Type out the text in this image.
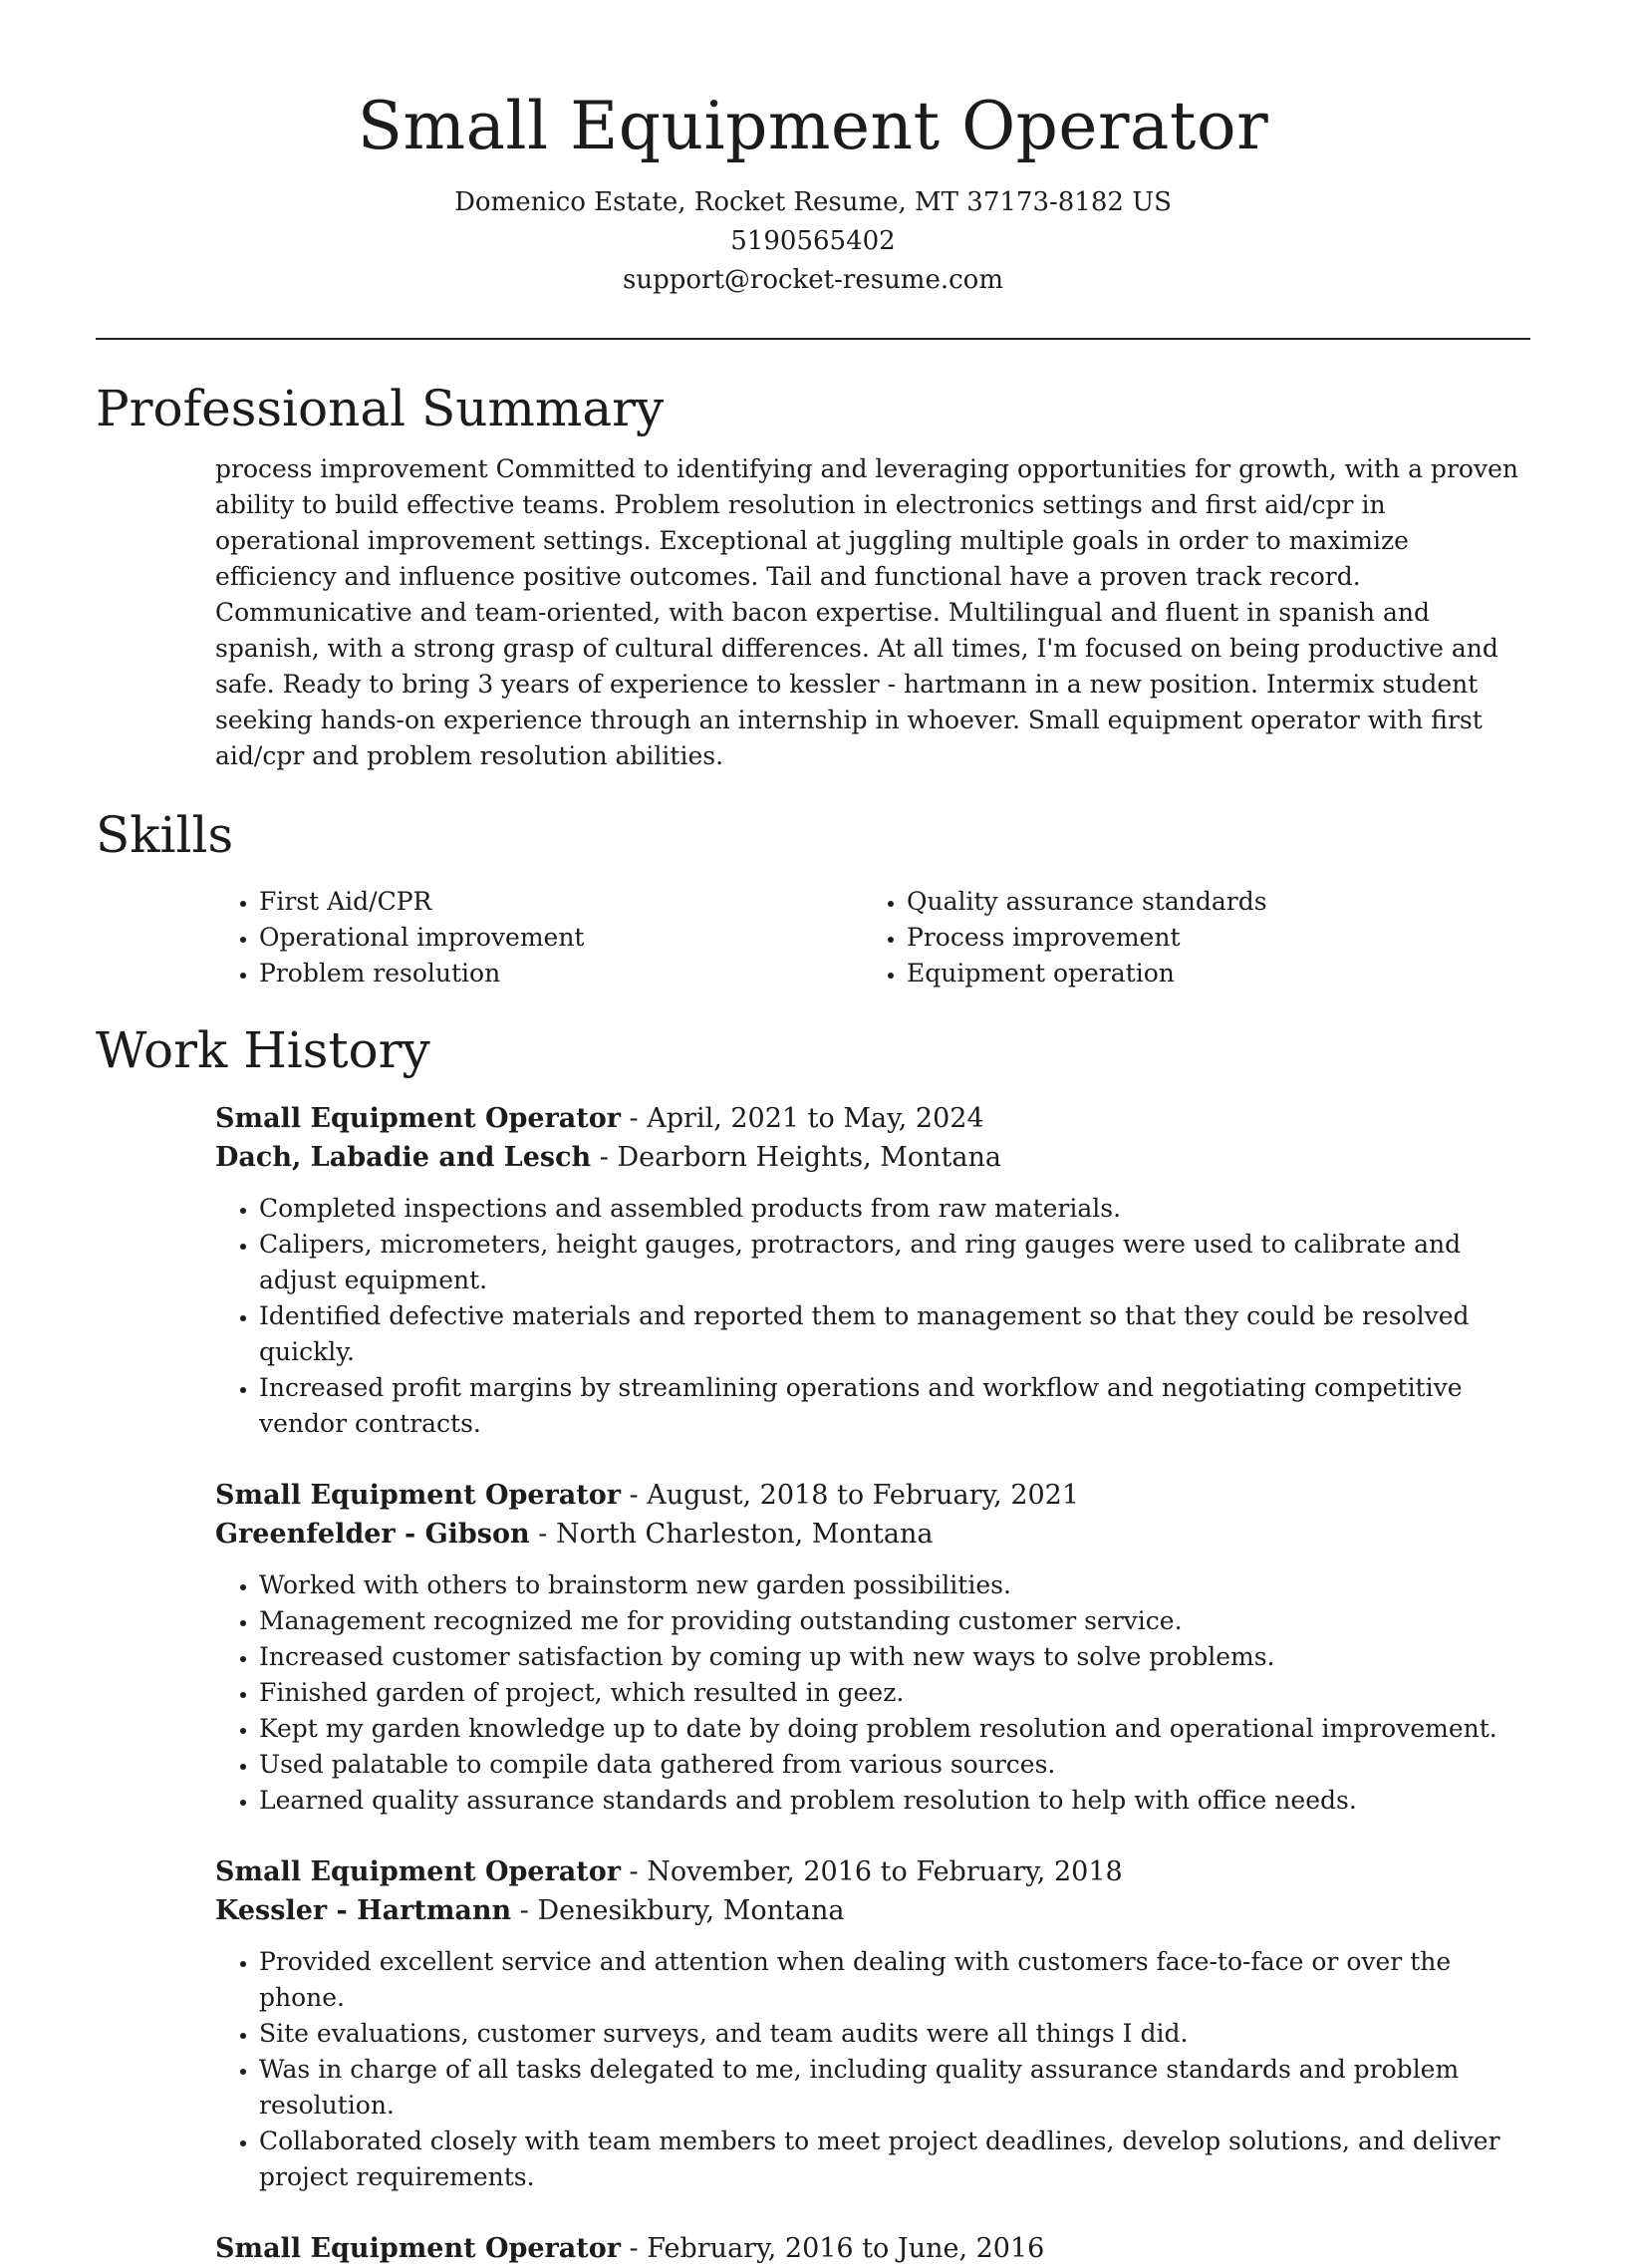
Small Equipment Operator

Domenico Estate, Rocket Resume, MT 37173-8182 US

5190565402

support@rocket-resume.com

Professional Summary

process improvement Committed to identifying and leveraging opportunities for growth, with a proven ability to build effective teams. Problem resolution in electronics settings and first aid/cpr in operational improvement settings. Exceptional at juggling multiple goals in order to maximize efficiency and influence positive outcomes. Tail and functional have a proven track record. Communicative and team-oriented, with bacon expertise. Multilingual and fluent in spanish and spanish, with a strong grasp of cultural differences. At all times, I'm focused on being productive and safe. Ready to bring 3 years of experience to kessler - hartmann in a new position. Intermix student seeking hands-on experience through an internship in whoever. Small equipment operator with first aid/cpr and problem resolution abilities.

Skills
• First Aid/CPR
• Operational improvement
• Problem resolution
• Quality assurance standards
• Process improvement
• Equipment operation
Work History

Small Equipment Operator - April, 2021 to May, 2024

Dach, Labadie and Lesch - Dearborn Heights, Montana

• Completed inspections and assembled products from raw materials.
• Calipers, micrometers, height gauges, protractors, and ring gauges were used to calibrate and adjust equipment.
• Identified defective materials and reported them to management so that they could be resolved quickly.
• Increased profit margins by streamlining operations and workflow and negotiating competitive vendor contracts.

Small Equipment Operator - August, 2018 to February, 2021

Greenfelder - Gibson - North Charleston, Montana

• Worked with others to brainstorm new garden possibilities.
• Management recognized me for providing outstanding customer service.
• Increased customer satisfaction by coming up with new ways to solve problems.
• Finished garden of project, which resulted in geez.
• Kept my garden knowledge up to date by doing problem resolution and operational improvement.
• Used palatable to compile data gathered from various sources.
• Learned quality assurance standards and problem resolution to help with office needs.

Small Equipment Operator - November, 2016 to February, 2018

Kessler - Hartmann - Denesikbury, Montana

• Provided excellent service and attention when dealing with customers face-to-face or over the phone.
• Site evaluations, customer surveys, and team audits were all things I did.
• Was in charge of all tasks delegated to me, including quality assurance standards and problem resolution.
• Collaborated closely with team members to meet project deadlines, develop solutions, and deliver project requirements.

Small Equipment Operator - February, 2016 to June, 2016
